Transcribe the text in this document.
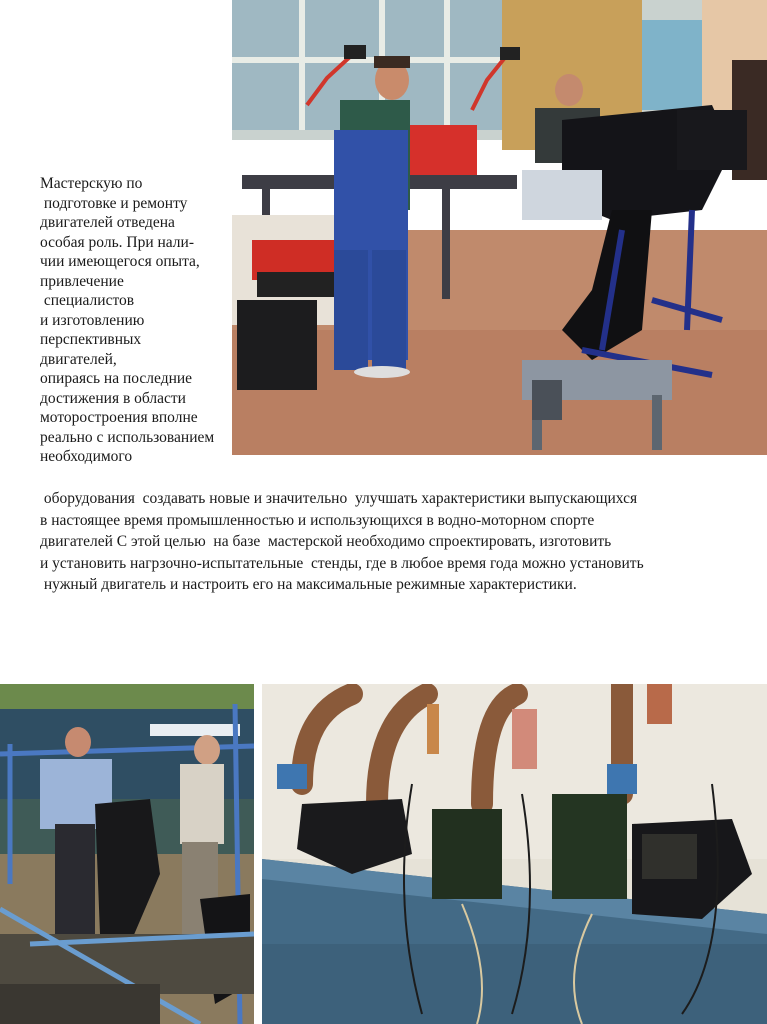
Мастерскую по
подготовке и ремонту
двигателей отведена
особая роль. При нали-
чии имеющегося опыта,
привлечение
специалистов
и изготовлению
перспективных
двигателей,
опираясь на последние
достижения в области
моторостроения вполне
реально с использованием
необходимого
оборудования  создавать новые и значительно  улучшать характеристики выпускающихся
в настоящее время промышленностью и использующихся в водно-моторном спорте
двигателей С этой целью  на базе  мастерской необходимо спроектировать, изготовить
и установить нагрзочно-испытательные  стенды, где в любое время года можно установить
нужный двигатель и настроить его на максимальные режимные характеристики.
